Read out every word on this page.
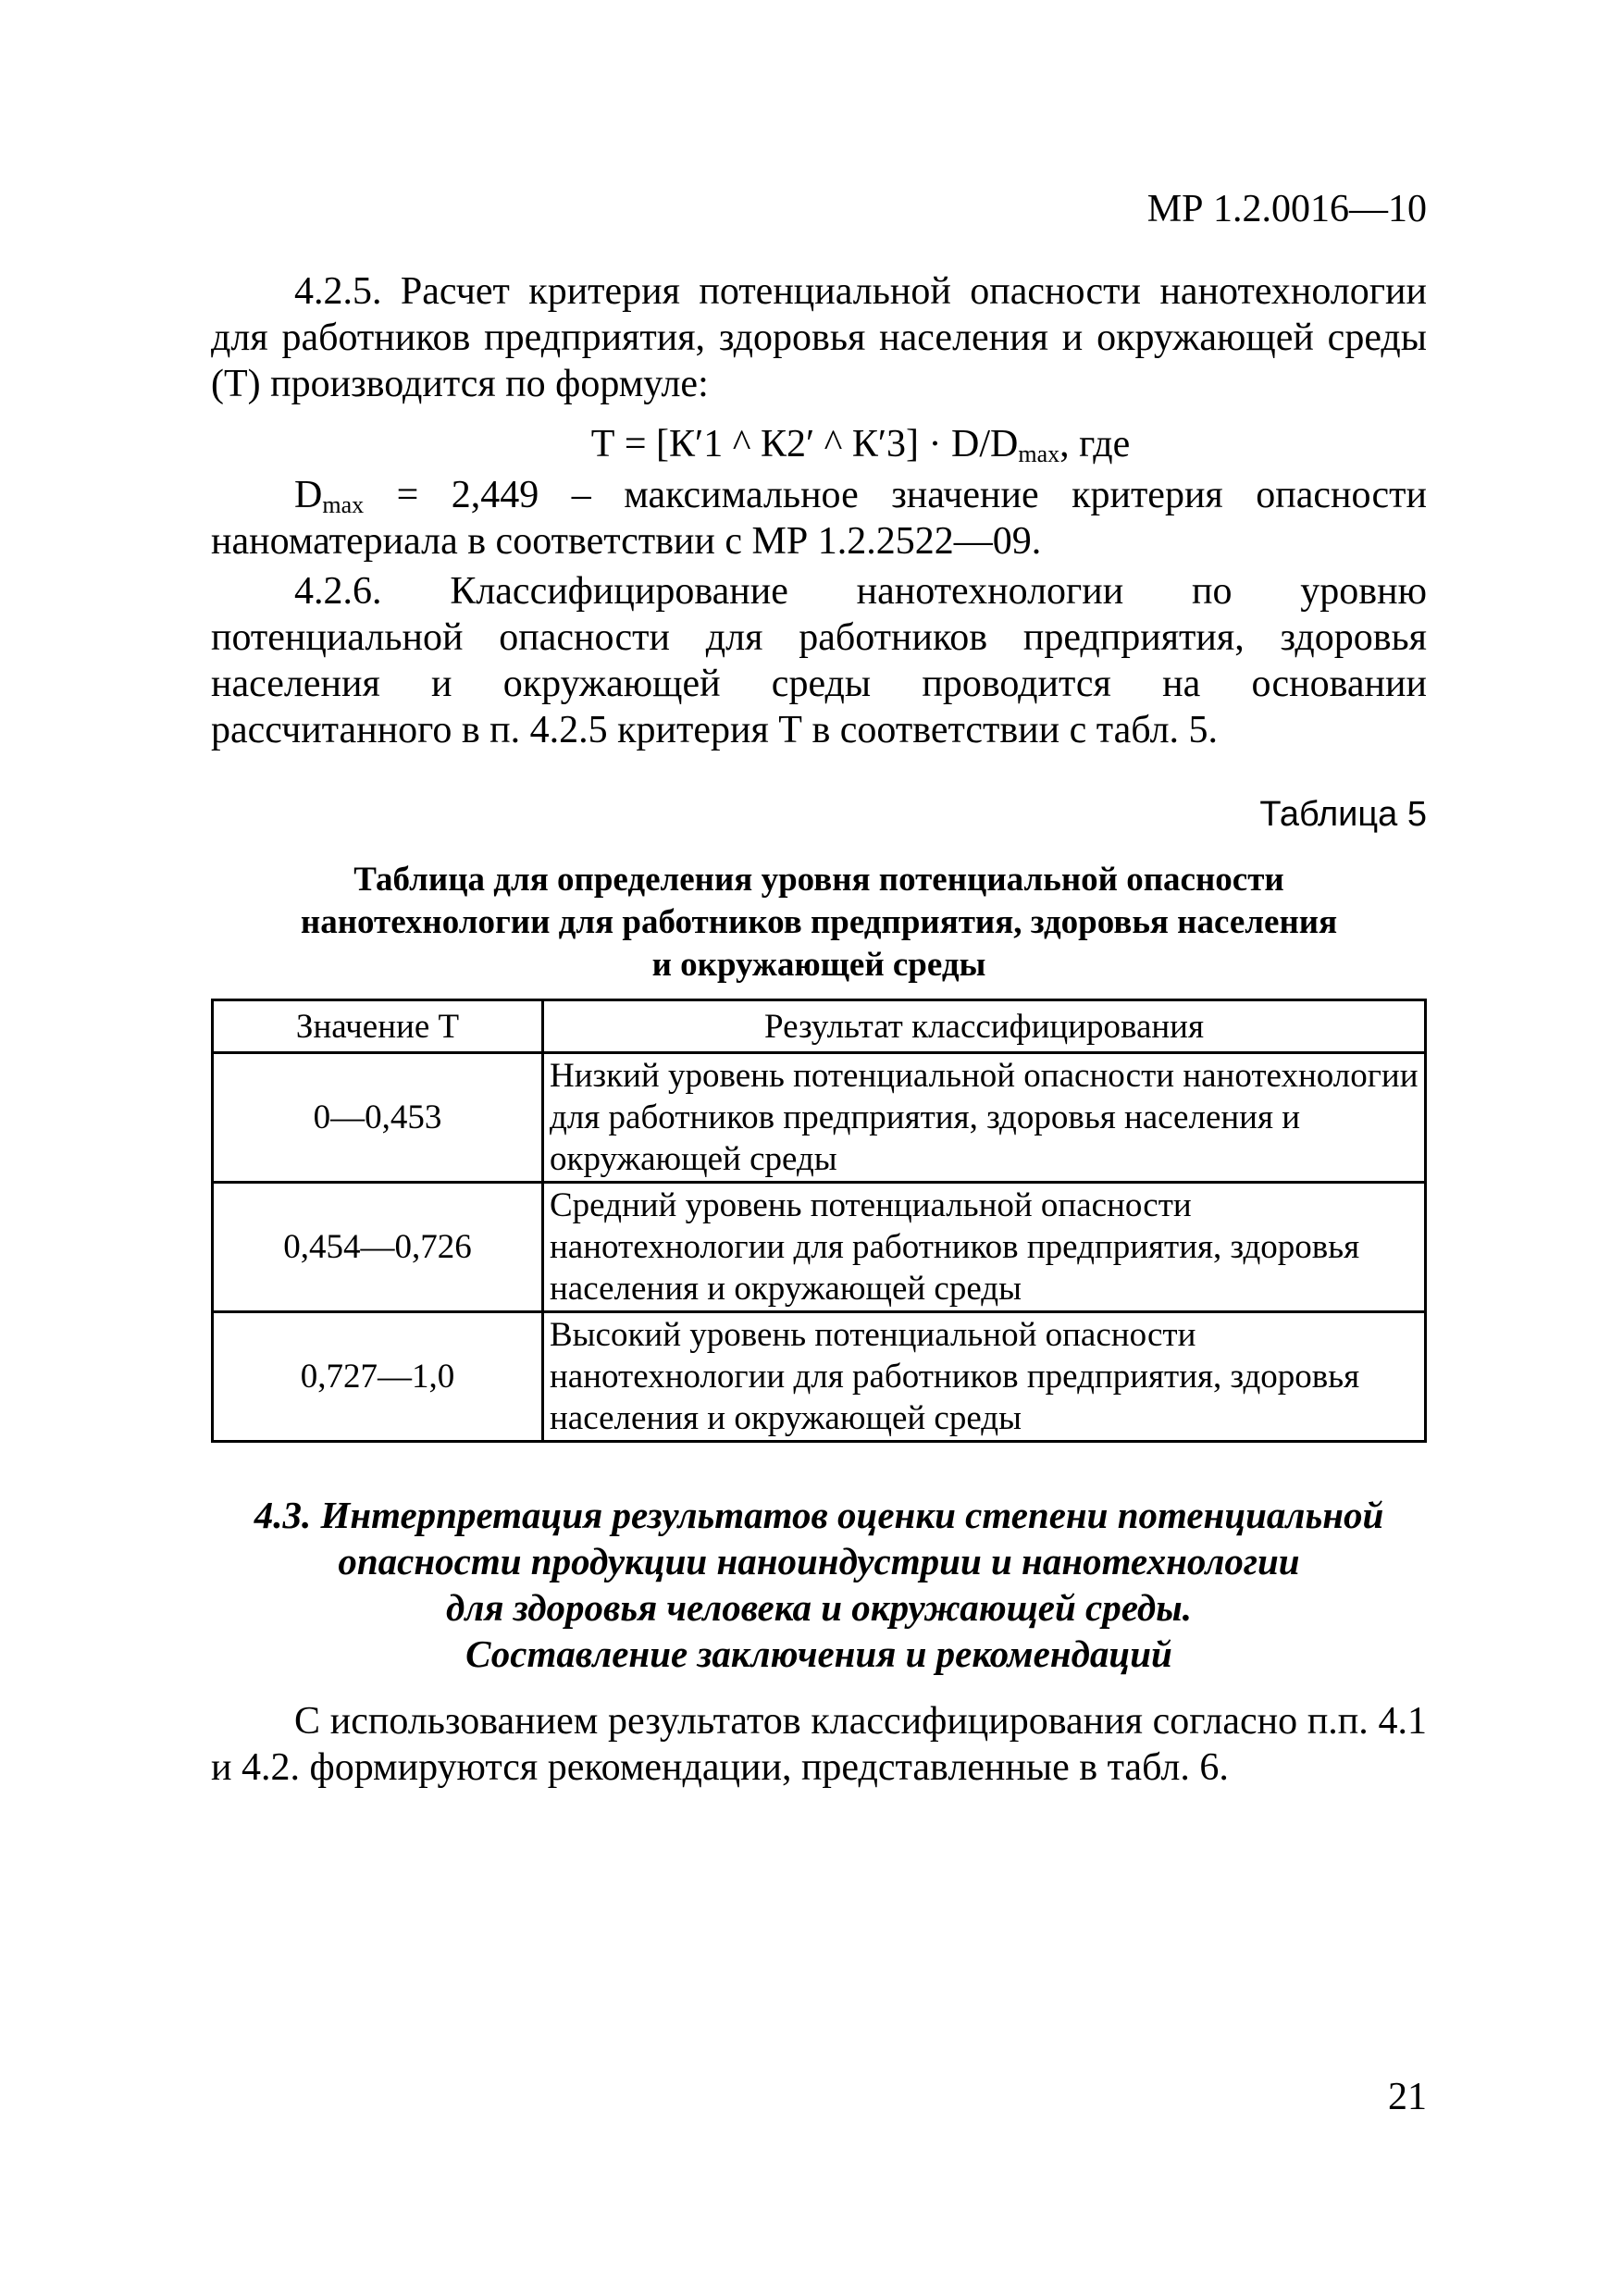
МР 1.2.0016—10

4.2.5. Расчет критерия потенциальной опасности нанотехнологии для работников предприятия, здоровья населения и окружающей среды (Т) производится по формуле:

Т = [К′1 ^ К2′ ^ $К'3] \cdot D/D_{max}$, где

$D_{max} = 2,449$ – максимальное значение критерия опасности наноматериала в соответствии с МР 1.2.2522—09.

4.2.6. Классифицирование нанотехнологии по уровню потенциальной опасности для работников предприятия, здоровья населения и окружающей среды проводится на основании рассчитанного в п. 4.2.5 критерия Т в соответствии с табл. 5.

Таблица 5
Таблица для определения уровня потенциальной опасности
нанотехнологии для работников предприятия, здоровья населения
и окружающей среды
Значение Т	Результат классифицирования
0—0,453	Низкий уровень потенциальной опасности нанотехнологии для работников предприятия, здоровья населения и окружающей среды
0,454—0,726	Средний уровень потенциальной опасности нанотехнологии для работников предприятия, здоровья населения и окружающей среды
0,727—1,0	Высокий уровень потенциальной опасности нанотехнологии для работников предприятия, здоровья населения и окружающей среды
4.3. Интерпретация результатов оценки степени потенциальной
опасности продукции наноиндустрии и нанотехнологии
для здоровья человека и окружающей среды.
Составление заключения и рекомендаций

С использованием результатов классифицирования согласно п.п. 4.1 и 4.2. формируются рекомендации, представленные в табл. 6.

21
